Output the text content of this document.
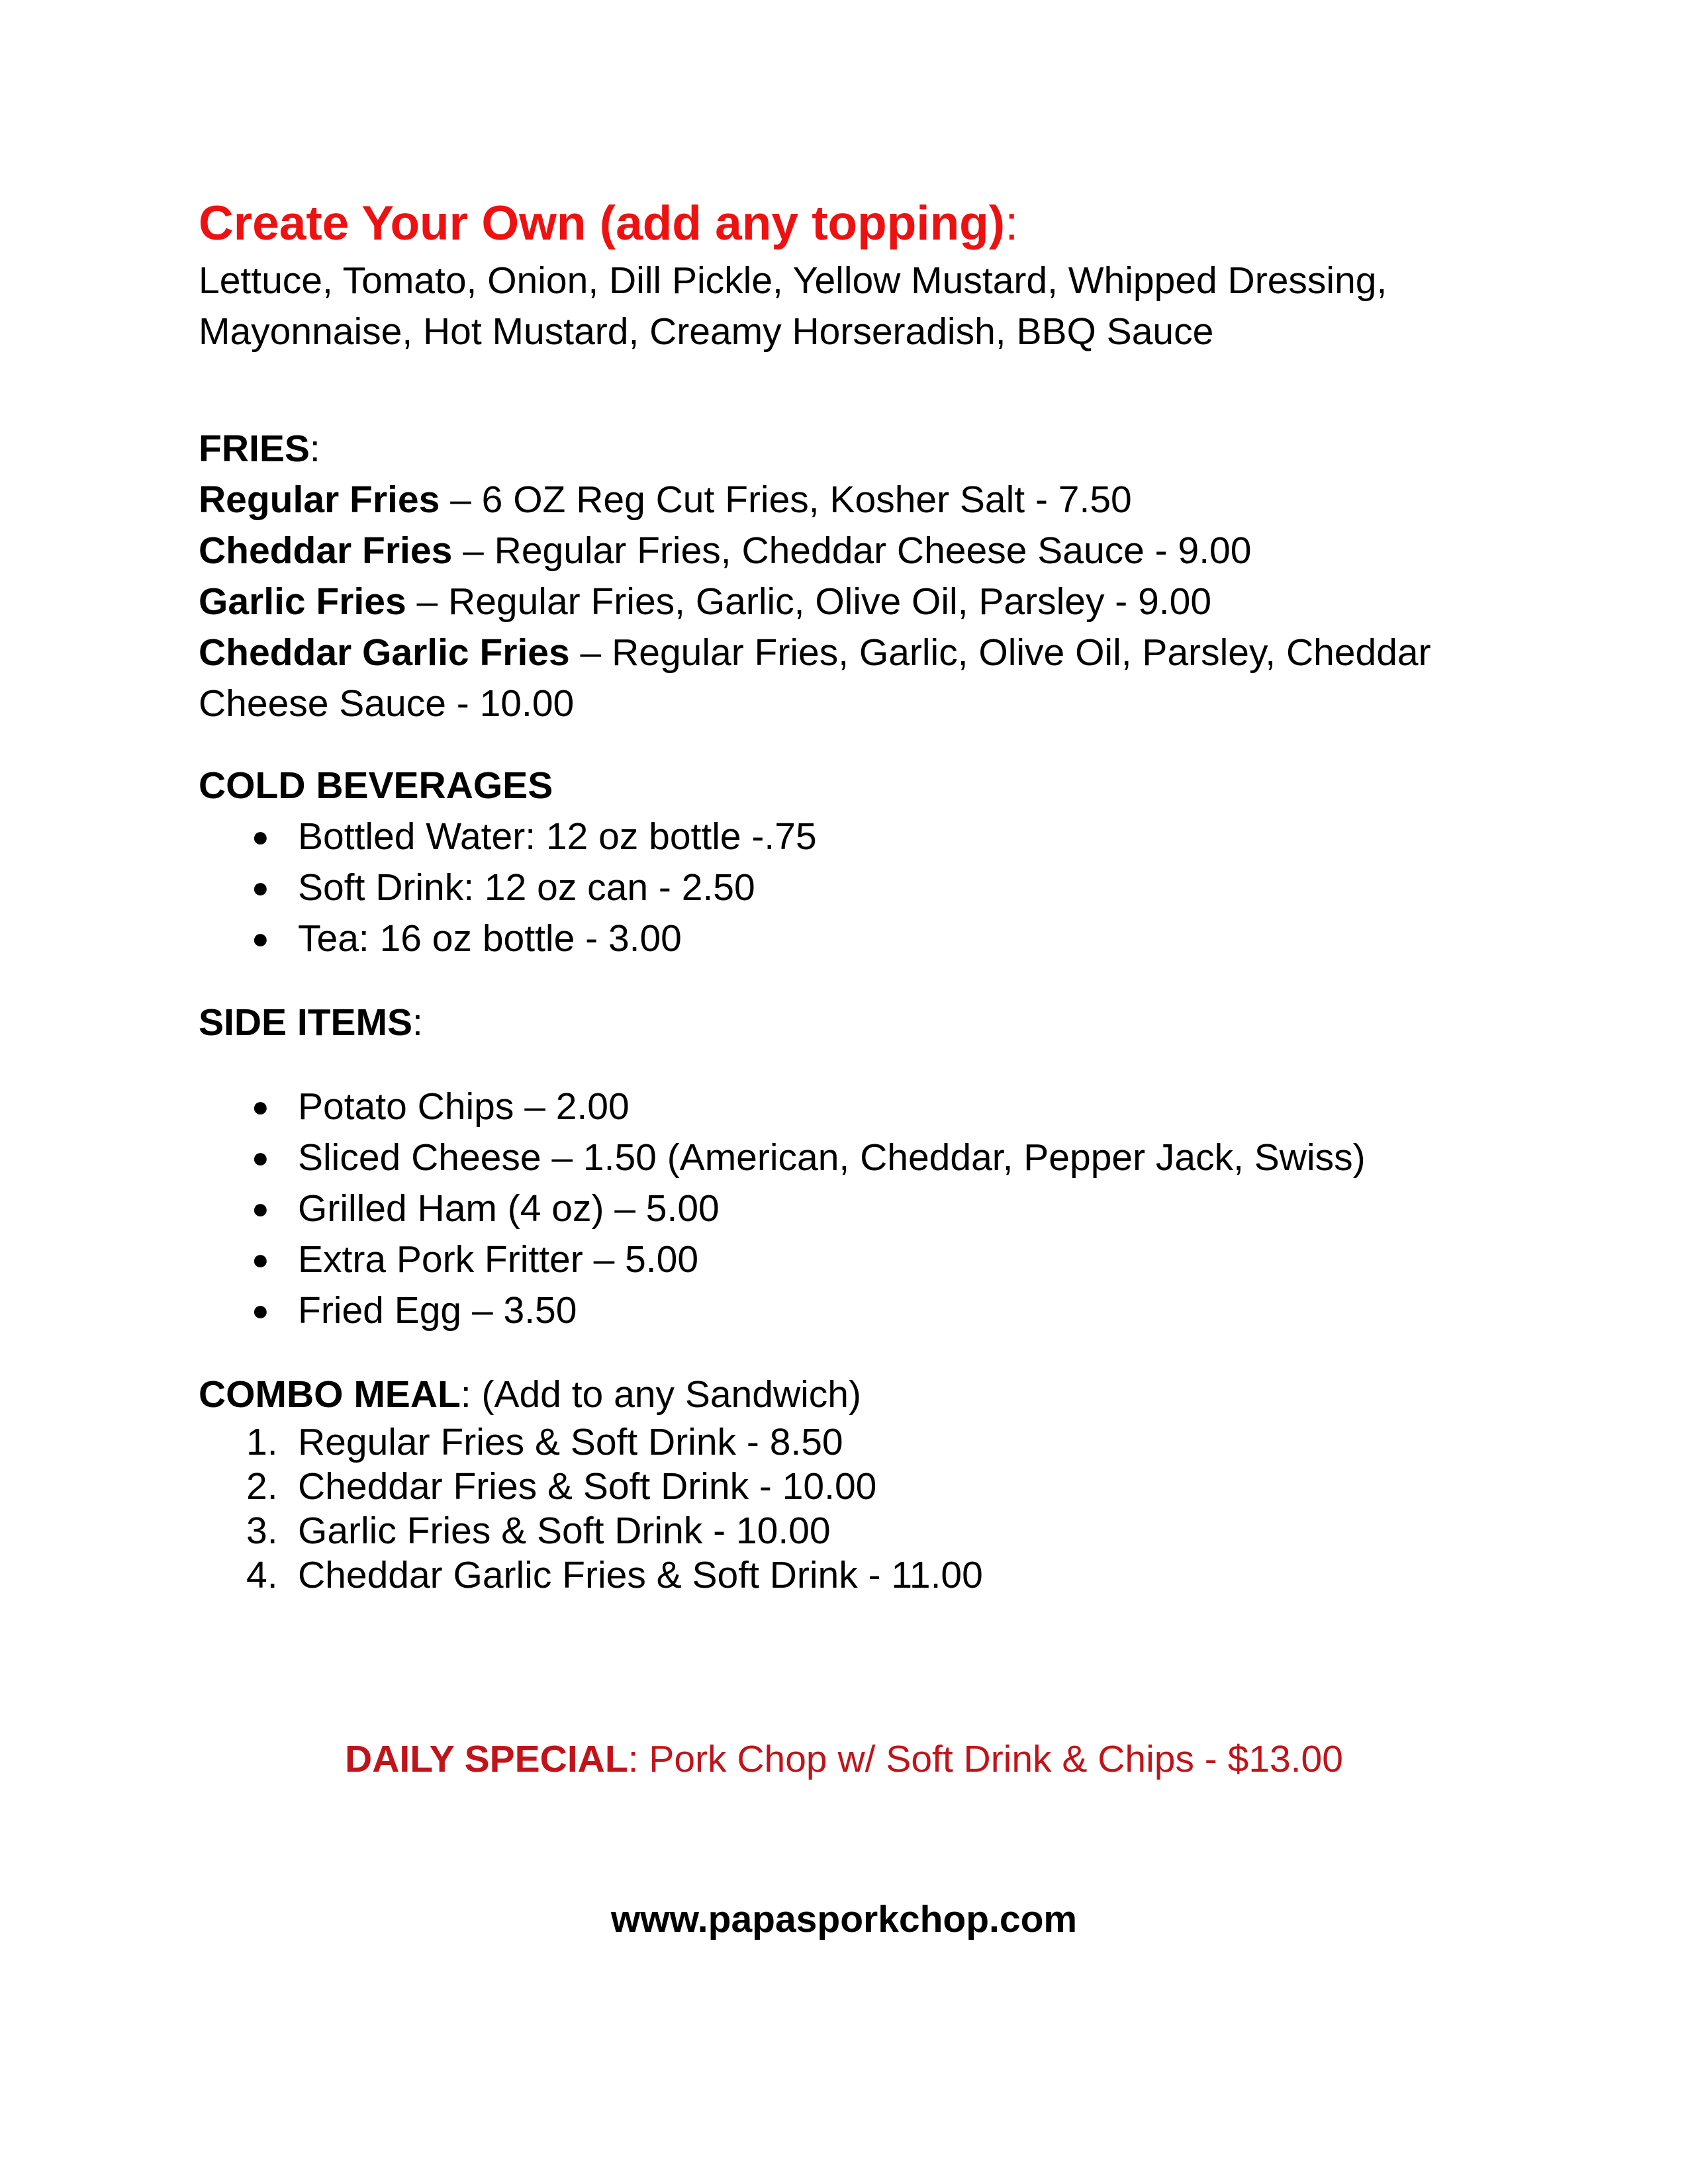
Create Your Own (add any topping):

Lettuce, Tomato, Onion, Dill Pickle, Yellow Mustard, Whipped Dressing,

Mayonnaise, Hot Mustard, Creamy Horseradish, BBQ Sauce

FRIES:

Regular Fries – 6 OZ Reg Cut Fries, Kosher Salt - 7.50

Cheddar Fries – Regular Fries, Cheddar Cheese Sauce - 9.00

Garlic Fries – Regular Fries, Garlic, Olive Oil, Parsley - 9.00

Cheddar Garlic Fries – Regular Fries, Garlic, Olive Oil, Parsley, Cheddar

Cheese Sauce - 10.00

COLD BEVERAGES

● Bottled Water: 12 oz bottle -.75
● Soft Drink: 12 oz can - 2.50
● Tea: 16 oz bottle - 3.00

SIDE ITEMS:

● Potato Chips – 2.00
● Sliced Cheese – 1.50 (American, Cheddar, Pepper Jack, Swiss)
● Grilled Ham (4 oz) – 5.00
● Extra Pork Fritter – 5.00
● Fried Egg – 3.50

COMBO MEAL: (Add to any Sandwich)

1. Regular Fries & Soft Drink - 8.50
2. Cheddar Fries & Soft Drink - 10.00
3. Garlic Fries & Soft Drink - 10.00
4. Cheddar Garlic Fries & Soft Drink - 11.00
DAILY SPECIAL: Pork Chop w/ Soft Drink & Chips - $13.00
www.papasporkchop.com
